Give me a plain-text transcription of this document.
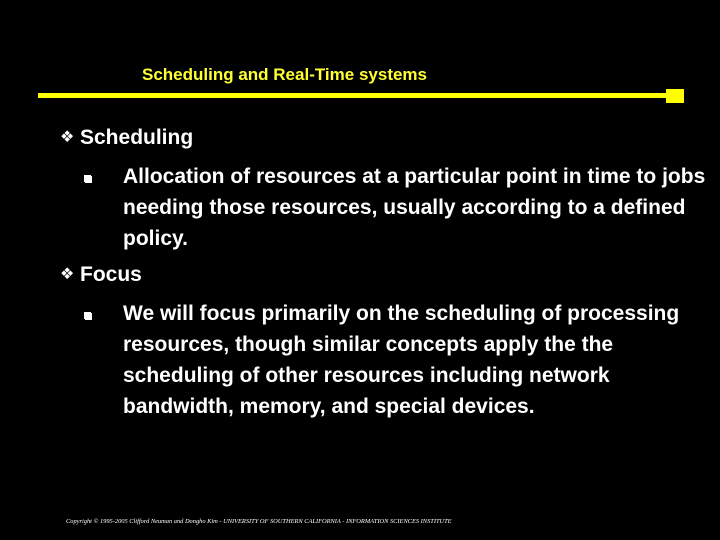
Scheduling and Real-Time systems
❖ Scheduling
Allocation of resources at a particular point in time to jobs needing those resources, usually according to a defined policy.
❖ Focus
We will focus primarily on the scheduling of processing resources, though similar concepts apply the the scheduling of other resources including network bandwidth, memory, and special devices.
Copyright © 1995-2005 Clifford Neuman and Dongho Kim - UNIVERSITY OF SOUTHERN CALIFORNIA - INFORMATION SCIENCES INSTITUTE
